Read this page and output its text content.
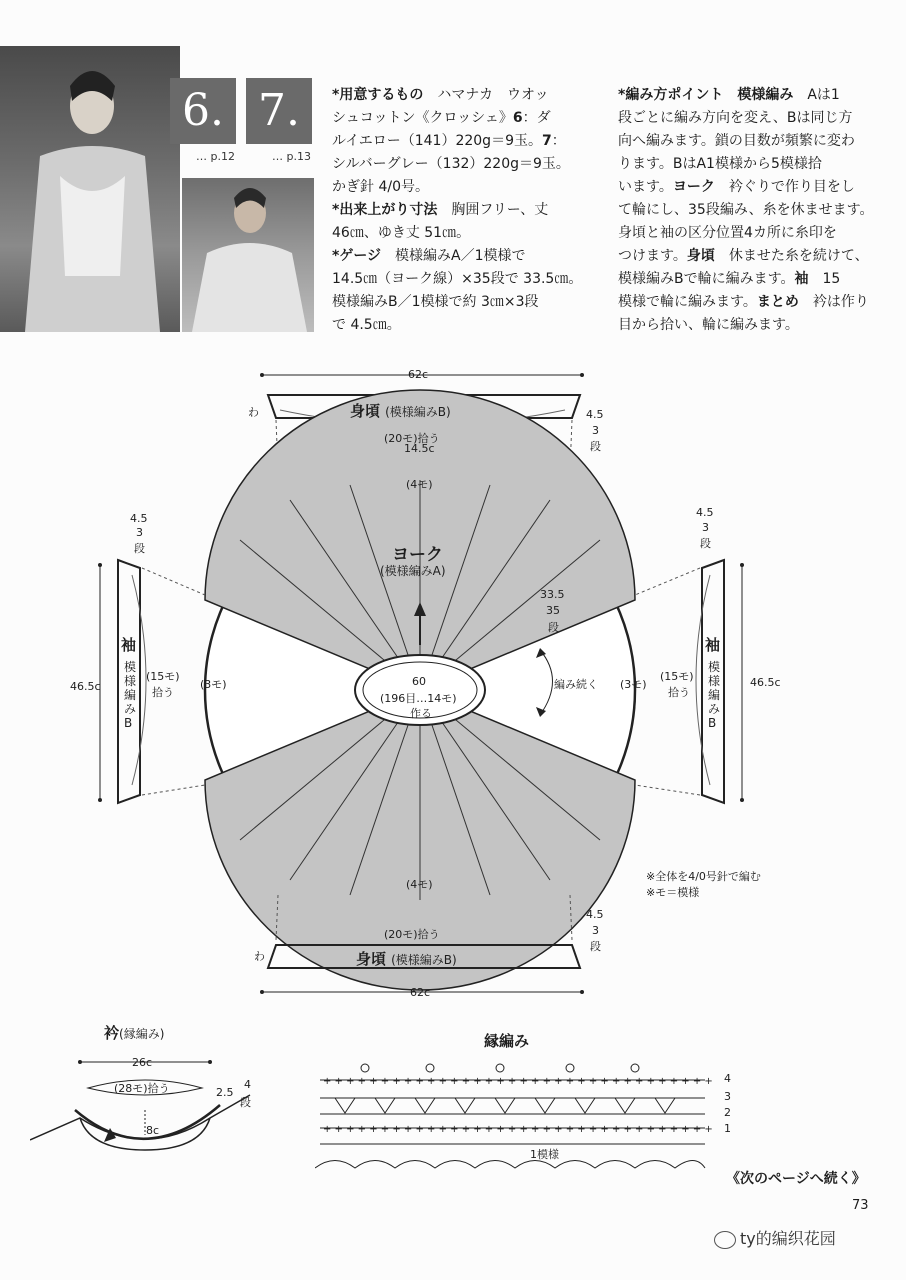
6. 7.
… p.12	… p.13
*用意するもの　 ハマナカ　ウオッ
シュコットン《クロッシェ》6：ダ
ルイエロー（141）220g＝9玉。7：
シルバーグレー（132）220g＝9玉。
かぎ針 4/0号。
*出来上がり寸法　 胸囲フリー、丈
46㎝、ゆき丈 51㎝。
*ゲージ　 模様編みA／1模様で
14.5㎝（ヨーク線）×35段で 33.5㎝。
模様編みB／1模様で約 3㎝×3段
で 4.5㎝。
*編み方ポイント　 模様編み　 Aは1
段ごとに編み方向を変え、Bは同じ方
向へ編みます。鎖の目数が頻繁に変わ
ります。BはA1模様から5模様拾
います。ヨーク　 衿ぐりで作り目をし
て輪にし、35段編み、糸を休ませます。
身頃と袖の区分位置4カ所に糸印を
つけます。身頃　 休ませた糸を続けて、
模様編みBで輪に編みます。袖　 15
模様で輪に編みます。まとめ　 衿は作り
目から拾い、輪に編みます。
62c
わ	身頃 (模様編みB)
(20モ)拾う
4.5
3
段
14.5c
(4モ)
ヨーク
(模様編みA)
33.5
35
段
60
(196目…14モ)
作る
編み続く
(3モ)	(3モ)
(4モ)
4.5
3
段
46.5c
袖
模様編みB
(15モ)
拾う
4.5
3
段
46.5c
袖
模様編みB
(15モ)
拾う
※全体を4/0号針で編む
※モ＝模様
4.5
3
段
(20モ)拾う
わ	身頃 (模様編みB)
62c
衿(縁編み)
26c
(28モ)拾う	2.5
4
段
8c
縁編み
+ + + + + + + + + + + + + + + + + + + + + + + + + + + + + + + + + +
+ + + + + + + + + + + + + + + + + + + + + + + + + + + + + + + + + +
4
3
2
1
1模様
《次のページへ続く》
73
ty的编织花园
